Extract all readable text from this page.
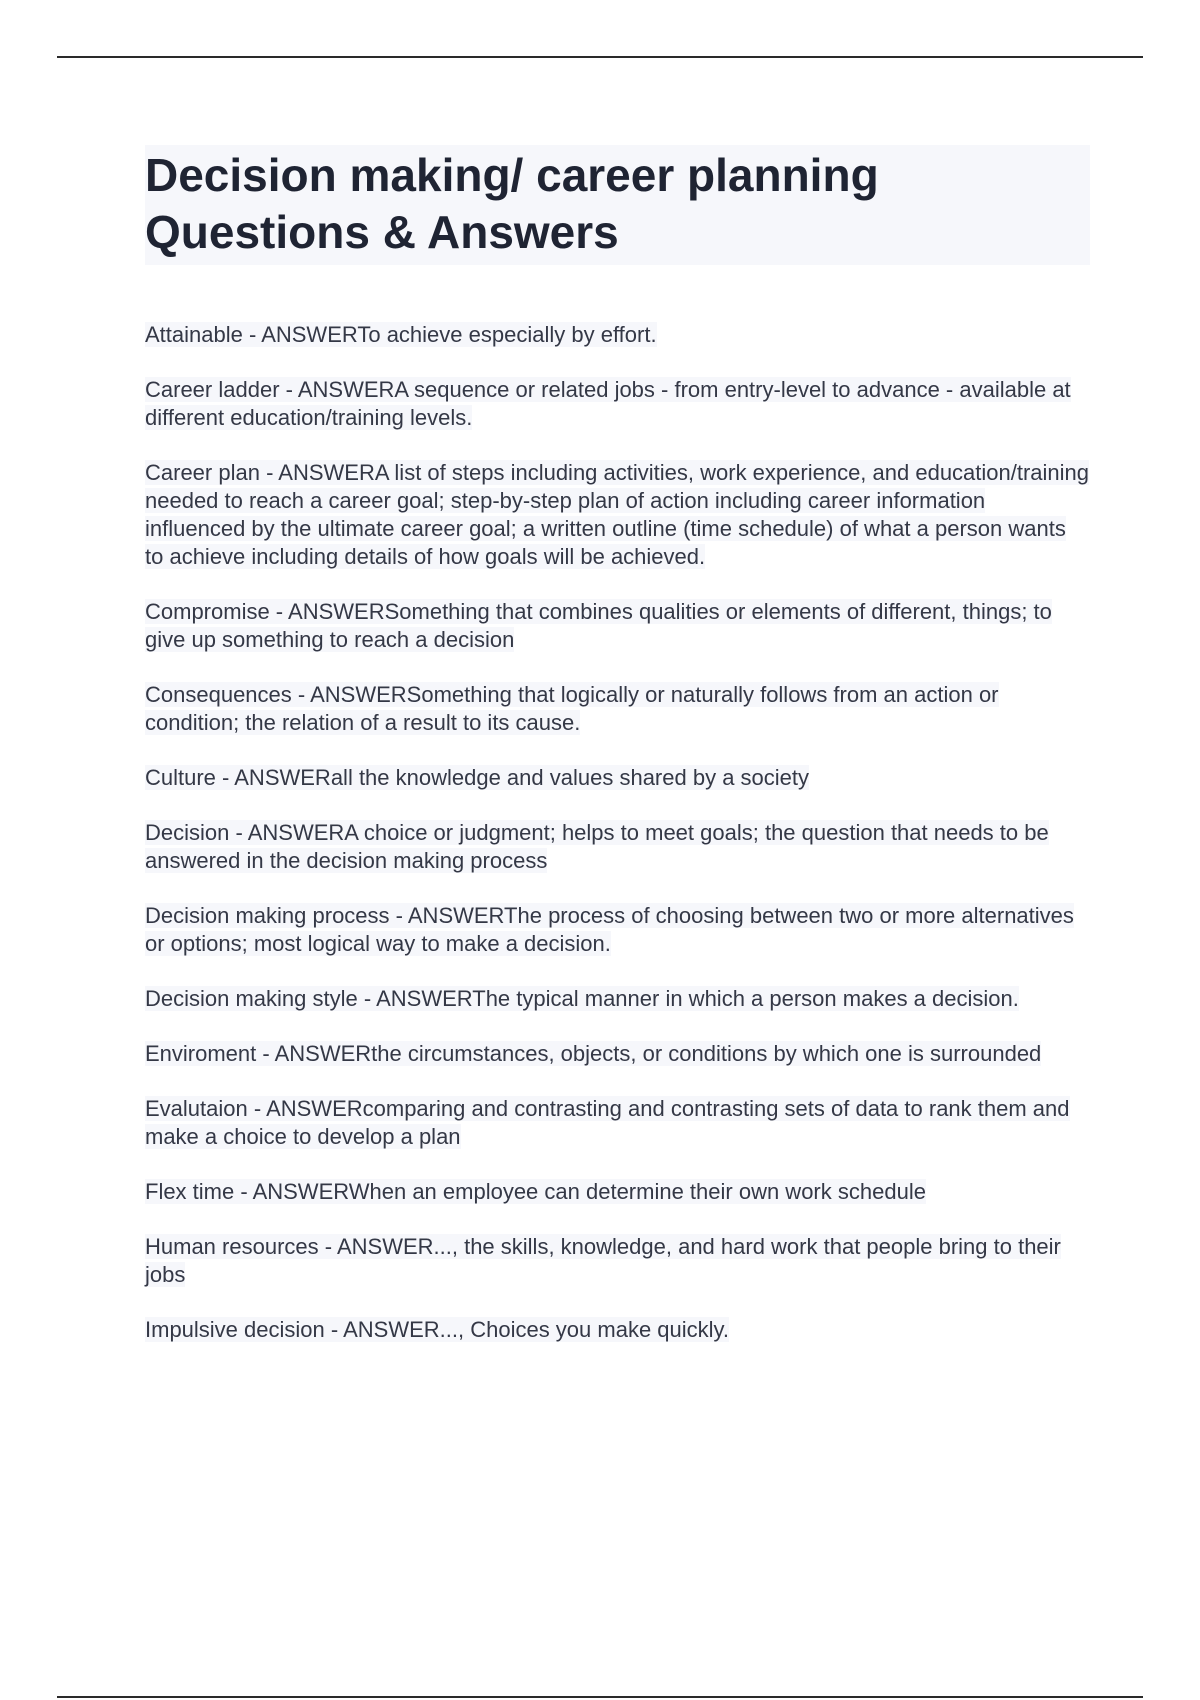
Decision making/ career planning
Questions & Answers
Attainable - ANSWERTo achieve especially by effort.
Career ladder - ANSWERA sequence or related jobs - from entry-level to advance - available at different education/training levels.
Career plan - ANSWERA list of steps including activities, work experience, and education/training needed to reach a career goal; step-by-step plan of action including career information influenced by the ultimate career goal; a written outline (time schedule) of what a person wants to achieve including details of how goals will be achieved.
Compromise - ANSWERSomething that combines qualities or elements of different, things; to give up something to reach a decision
Consequences - ANSWERSomething that logically or naturally follows from an action or condition; the relation of a result to its cause.
Culture - ANSWERall the knowledge and values shared by a society
Decision - ANSWERA choice or judgment; helps to meet goals; the question that needs to be answered in the decision making process
Decision making process - ANSWERThe process of choosing between two or more alternatives or options; most logical way to make a decision.
Decision making style - ANSWERThe typical manner in which a person makes a decision.
Enviroment - ANSWERthe circumstances, objects, or conditions by which one is surrounded
Evalutaion - ANSWERcomparing and contrasting and contrasting sets of data to rank them and make a choice to develop a plan
Flex time - ANSWERWhen an employee can determine their own work schedule
Human resources - ANSWER..., the skills, knowledge, and hard work that people bring to their jobs
Impulsive decision - ANSWER..., Choices you make quickly.
